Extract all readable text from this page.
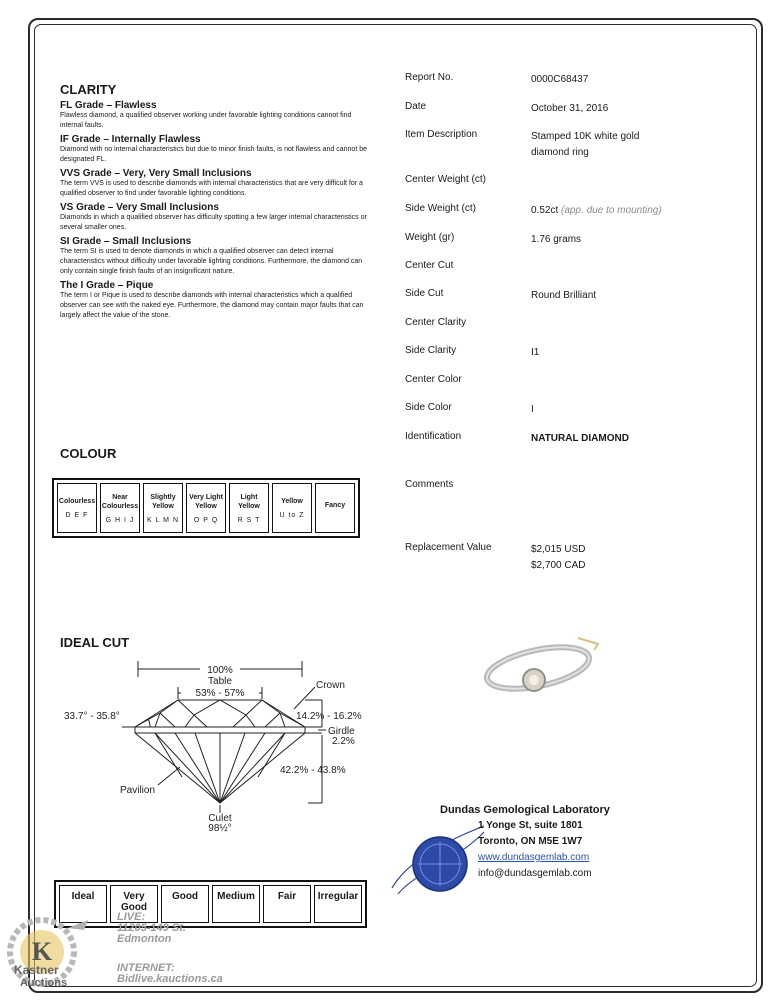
CLARITY
FL Grade – Flawless
Flawless diamond, a qualified observer working under favorable lighting conditions cannot find internal faults.
IF Grade – Internally Flawless
Diamond with no internal characteristics but due to minor finish faults, is not flawless and cannot be designated FL.
VVS Grade – Very, Very Small Inclusions
The term VVS is used to describe diamonds with internal characteristics that are very difficult for a qualified observer to find under favorable lighting conditions.
VS Grade – Very Small Inclusions
Diamonds in which a qualified observer has difficulty spotting a few larger internal characteristics or several smaller ones.
SI Grade – Small Inclusions
The term SI is used to denote diamonds in which a qualified observer can detect internal characteristics without difficulty under favorable lighting conditions. Furthermore, the diamond can only contain single finish faults of an insignificant nature.
The I Grade – Pique
The term I or Pique is used to describe diamonds with internal characteristics which a qualified observer can see with the naked eye. Furthermore, the diamond may contain major faults that can largely affect the value of the stone.
Report No.	0000C68437
Date	October 31, 2016
Item Description	Stamped 10K white gold diamond ring
Center Weight (ct)
Side Weight (ct)	0.52ct (app. due to mounting)
Weight (gr)	1.76 grams
Center Cut
Side Cut	Round Brilliant
Center Clarity
Side Clarity	I1
Center Color
Side Color	I
Identification	NATURAL DIAMOND
Comments
Replacement Value	$2,015 USD
$2,700 CAD
COLOUR
Colourless
D E F

Near Colourless
G H I J

Slightly Yellow
K L M N

Very Light Yellow
O P Q

Light Yellow
R S T

Yellow
U to Z

Fancy
IDEAL CUT
100%
Table
53% - 57%
Crown
33.7° - 35.8°	14.2% - 16.2%
Girdle
2.2%
42.2% - 43.8%
Pavilion
Culet
98½°
Ideal	Very Good	Good	Medium	Fair	Irregular
Dundas Gemological Laboratory
1 Yonge St, suite 1801
Toronto, ON M5E 1W7
www.dundasgemlab.com
info@dundasgemlab.com
K
Kastner
Auctions
LIVE:
11205-149 St.
Edmonton
INTERNET:
Bidlive.kauctions.ca
